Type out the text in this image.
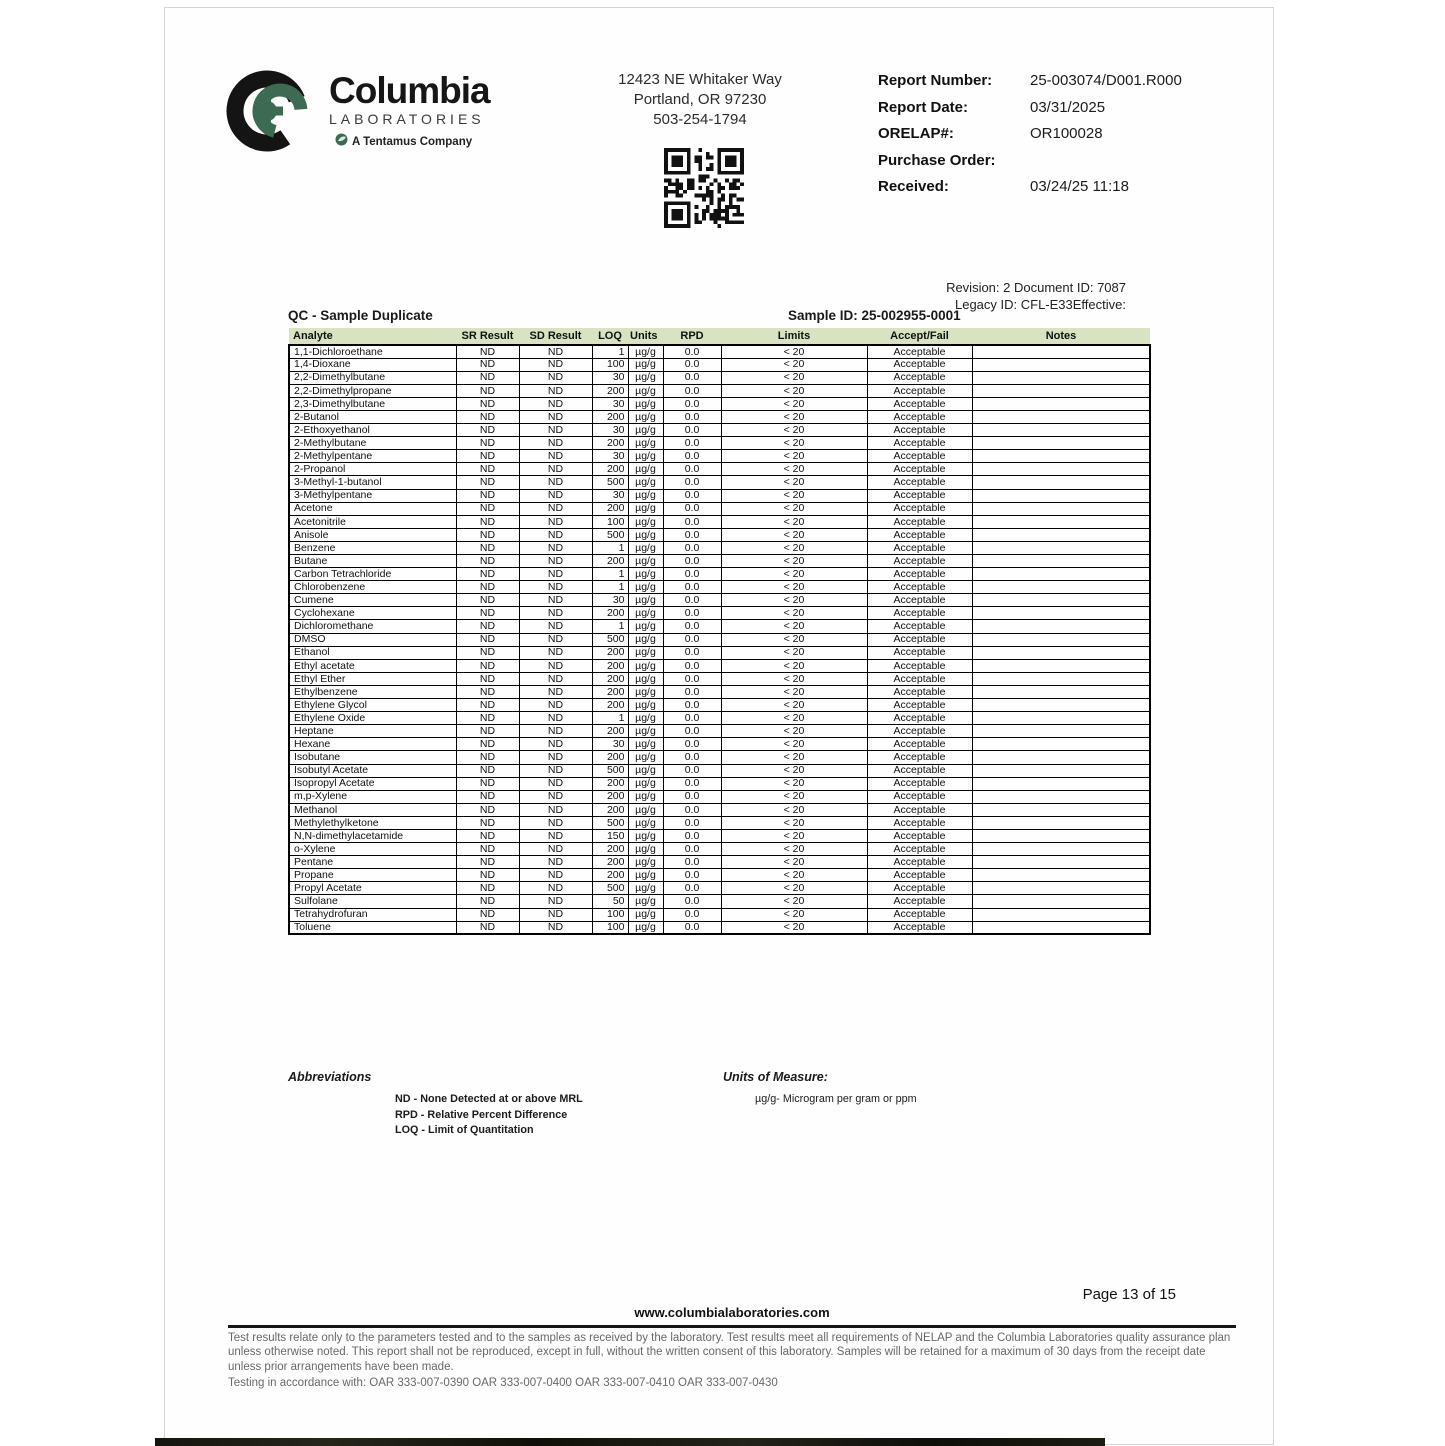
Columbia
LABORATORIES
A Tentamus Company
12423 NE Whitaker Way
Portland, OR 97230
503-254-1794
Report Number:	25-003074/D001.R000
Report Date:	03/31/2025
ORELAP#:	OR100028
Purchase Order:
Received:	03/24/25 11:18
Revision: 2 Document ID: 7087
Legacy ID: CFL-E33Effective:
QC - Sample Duplicate	Sample ID: 25-002955-0001
Analyte	SR Result	SD Result	LOQ	Units	RPD	Limits	Accept/Fail	Notes
1,1-Dichloroethane	ND	ND	1	µg/g	0.0	< 20	Acceptable	
1,4-Dioxane	ND	ND	100	µg/g	0.0	< 20	Acceptable	
2,2-Dimethylbutane	ND	ND	30	µg/g	0.0	< 20	Acceptable	
2,2-Dimethylpropane	ND	ND	200	µg/g	0.0	< 20	Acceptable	
2,3-Dimethylbutane	ND	ND	30	µg/g	0.0	< 20	Acceptable	
2-Butanol	ND	ND	200	µg/g	0.0	< 20	Acceptable	
2-Ethoxyethanol	ND	ND	30	µg/g	0.0	< 20	Acceptable	
2-Methylbutane	ND	ND	200	µg/g	0.0	< 20	Acceptable	
2-Methylpentane	ND	ND	30	µg/g	0.0	< 20	Acceptable	
2-Propanol	ND	ND	200	µg/g	0.0	< 20	Acceptable	
3-Methyl-1-butanol	ND	ND	500	µg/g	0.0	< 20	Acceptable	
3-Methylpentane	ND	ND	30	µg/g	0.0	< 20	Acceptable	
Acetone	ND	ND	200	µg/g	0.0	< 20	Acceptable	
Acetonitrile	ND	ND	100	µg/g	0.0	< 20	Acceptable	
Anisole	ND	ND	500	µg/g	0.0	< 20	Acceptable	
Benzene	ND	ND	1	µg/g	0.0	< 20	Acceptable	
Butane	ND	ND	200	µg/g	0.0	< 20	Acceptable	
Carbon Tetrachloride	ND	ND	1	µg/g	0.0	< 20	Acceptable	
Chlorobenzene	ND	ND	1	µg/g	0.0	< 20	Acceptable	
Cumene	ND	ND	30	µg/g	0.0	< 20	Acceptable	
Cyclohexane	ND	ND	200	µg/g	0.0	< 20	Acceptable	
Dichloromethane	ND	ND	1	µg/g	0.0	< 20	Acceptable	
DMSO	ND	ND	500	µg/g	0.0	< 20	Acceptable	
Ethanol	ND	ND	200	µg/g	0.0	< 20	Acceptable	
Ethyl acetate	ND	ND	200	µg/g	0.0	< 20	Acceptable	
Ethyl Ether	ND	ND	200	µg/g	0.0	< 20	Acceptable	
Ethylbenzene	ND	ND	200	µg/g	0.0	< 20	Acceptable	
Ethylene Glycol	ND	ND	200	µg/g	0.0	< 20	Acceptable	
Ethylene Oxide	ND	ND	1	µg/g	0.0	< 20	Acceptable	
Heptane	ND	ND	200	µg/g	0.0	< 20	Acceptable	
Hexane	ND	ND	30	µg/g	0.0	< 20	Acceptable	
Isobutane	ND	ND	200	µg/g	0.0	< 20	Acceptable	
Isobutyl Acetate	ND	ND	500	µg/g	0.0	< 20	Acceptable	
Isopropyl Acetate	ND	ND	200	µg/g	0.0	< 20	Acceptable	
m,p-Xylene	ND	ND	200	µg/g	0.0	< 20	Acceptable	
Methanol	ND	ND	200	µg/g	0.0	< 20	Acceptable	
Methylethylketone	ND	ND	500	µg/g	0.0	< 20	Acceptable	
N,N-dimethylacetamide	ND	ND	150	µg/g	0.0	< 20	Acceptable	
o-Xylene	ND	ND	200	µg/g	0.0	< 20	Acceptable	
Pentane	ND	ND	200	µg/g	0.0	< 20	Acceptable	
Propane	ND	ND	200	µg/g	0.0	< 20	Acceptable	
Propyl Acetate	ND	ND	500	µg/g	0.0	< 20	Acceptable	
Sulfolane	ND	ND	50	µg/g	0.0	< 20	Acceptable	
Tetrahydrofuran	ND	ND	100	µg/g	0.0	< 20	Acceptable	
Toluene	ND	ND	100	µg/g	0.0	< 20	Acceptable	
Abbreviations
ND - None Detected at or above MRL
RPD - Relative Percent Difference
LOQ - Limit of Quantitation
Units of Measure:
µg/g- Microgram per gram or ppm
Page 13 of 15
www.columbialaboratories.com
Test results relate only to the parameters tested and to the samples as received by the laboratory. Test results meet all requirements of NELAP and the Columbia Laboratories quality assurance plan unless otherwise noted. This report shall not be reproduced, except in full, without the written consent of this laboratory. Samples will be retained for a maximum of 30 days from the receipt date unless prior arrangements have been made.
Testing in accordance with: OAR 333-007-0390 OAR 333-007-0400 OAR 333-007-0410 OAR 333-007-0430
